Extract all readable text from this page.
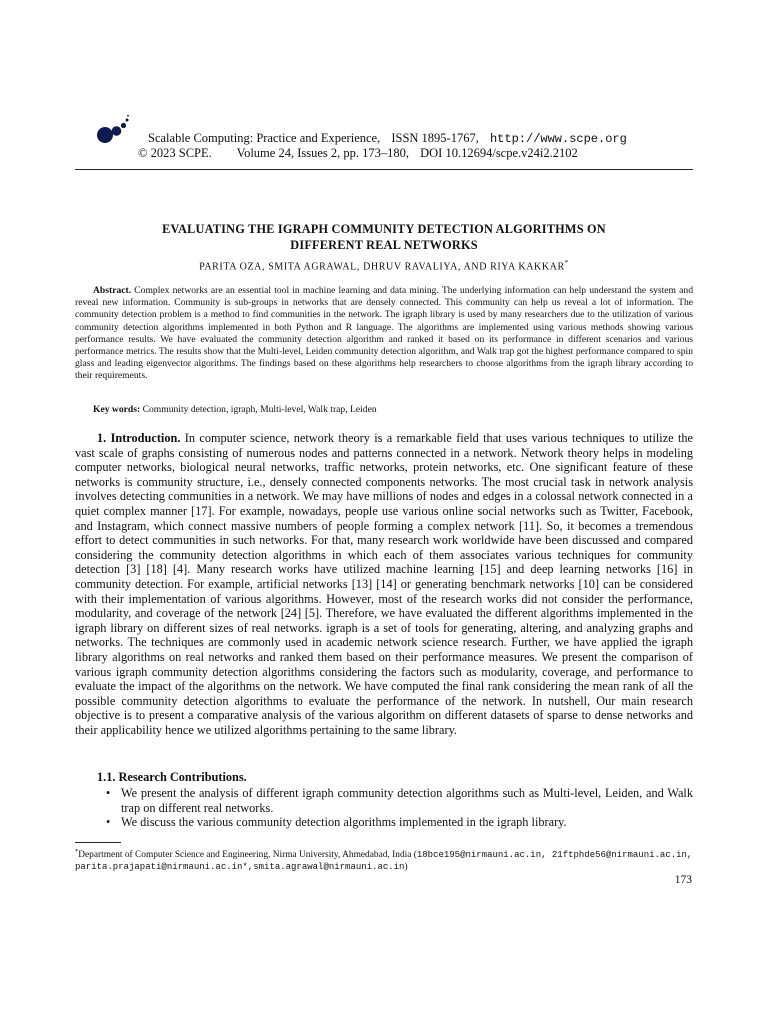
Scalable Computing: Practice and Experience, ISSN 1895-1767, http://www.scpe.org
© 2023 SCPE. Volume 24, Issues 2, pp. 173–180, DOI 10.12694/scpe.v24i2.2102
EVALUATING THE IGRAPH COMMUNITY DETECTION ALGORITHMS ON
DIFFERENT REAL NETWORKS
PARITA OZA, SMITA AGRAWAL, DHRUV RAVALIYA, AND RIYA KAKKAR*
Abstract. Complex networks are an essential tool in machine learning and data mining. The underlying information can help understand the system and reveal new information. Community is sub-groups in networks that are densely connected. This community can help us reveal a lot of information. The community detection problem is a method to find communities in the network. The igraph library is used by many researchers due to the utilization of various community detection algorithms implemented in both Python and R language. The algorithms are implemented using various methods showing various performance results. We have evaluated the community detection algorithm and ranked it based on its performance in different scenarios and various performance metrics. The results show that the Multi-level, Leiden community detection algorithm, and Walk trap got the highest performance compared to spin glass and leading eigenvector algorithms. The findings based on these algorithms help researchers to choose algorithms from the igraph library according to their requirements.
Key words: Community detection, igraph, Multi-level, Walk trap, Leiden
1. Introduction. In computer science, network theory is a remarkable field that uses various techniques to utilize the vast scale of graphs consisting of numerous nodes and patterns connected in a network. Network theory helps in modeling computer networks, biological neural networks, traffic networks, protein networks, etc. One significant feature of these networks is community structure, i.e., densely connected components networks. The most crucial task in network analysis involves detecting communities in a network. We may have millions of nodes and edges in a colossal network connected in a quiet complex manner [17]. For example, nowadays, people use various online social networks such as Twitter, Facebook, and Instagram, which connect massive numbers of people forming a complex network [11]. So, it becomes a tremendous effort to detect communities in such networks. For that, many research work worldwide have been discussed and compared considering the community detection algorithms in which each of them associates various techniques for community detection [3] [18] [4]. Many research works have utilized machine learning [15] and deep learning networks [16] in community detection. For example, artificial networks [13] [14] or generating benchmark networks [10] can be considered with their implementation of various algorithms. However, most of the research works did not consider the performance, modularity, and coverage of the network [24] [5]. Therefore, we have evaluated the different algorithms implemented in the igraph library on different sizes of real networks. igraph is a set of tools for generating, altering, and analyzing graphs and networks. The techniques are commonly used in academic network science research. Further, we have applied the igraph library algorithms on real networks and ranked them based on their performance measures. We present the comparison of various igraph community detection algorithms considering the factors such as modularity, coverage, and performance to evaluate the impact of the algorithms on the network. We have computed the final rank considering the mean rank of all the possible community detection algorithms to evaluate the performance of the network. In nutshell, Our main research objective is to present a comparative analysis of the various algorithm on different datasets of sparse to dense networks and their applicability hence we utilized algorithms pertaining to the same library.
1.1. Research Contributions.
• We present the analysis of different igraph community detection algorithms such as Multi-level, Leiden, and Walk trap on different real networks.
• We discuss the various community detection algorithms implemented in the igraph library.
*Department of Computer Science and Engineering, Nirma University, Ahmedabad, India (18bce195@nirmauni.ac.in, 21ftphde56@nirmauni.ac.in, parita.prajapati@nirmauni.ac.in*,smita.agrawal@nirmauni.ac.in)
173
